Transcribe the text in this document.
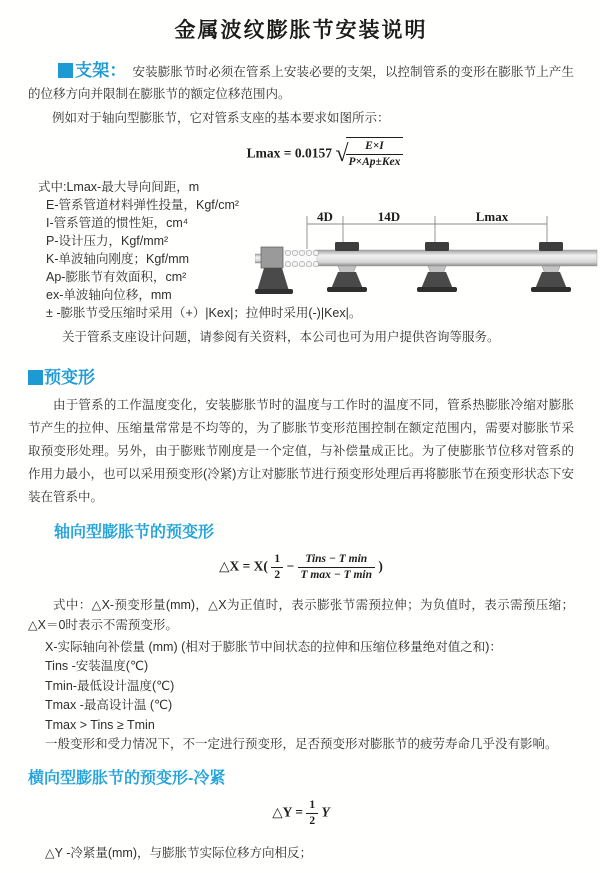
金属波纹膨胀节安装说明

支架： 安装膨胀节时必须在管系上安装必要的支架，以控制管系的变形在膨胀节上产生的位移方向并限制在膨胀节的额定位移范围内。

例如对于轴向型膨胀节，它对管系支座的基本要求如图所示：

Lmax = 0.0157 √
$\frac{E\times I}{\text{P×Ap±Kex}}$
式中:Lmax-最大导向间距，m
E-管系管道材料弹性投量，Kgf/cm²
I-管系管道的惯性矩，cm⁴
P-设计压力，Kgf/mm²
K-单波轴向刚度；Kgf/mm
Ap-膨胀节有效面积，cm²
ex-单波轴向位移，mm
± -膨胀节受压缩时采用（+）|Kex|；拉伸时采用(-)|Kex|。

关于管系支座设计问题，请参阅有关资料，本公司也可为用户提供咨询等服务。

4D	14D	Lmax
预变形

由于管系的工作温度变化，安装膨胀节时的温度与工作时的温度不同，管系热膨胀冷缩对膨胀节产生的拉伸、压缩量常常是不均等的，为了膨胀节变形范围控制在额定范围内，需要对膨胀节采取预变形处理。另外，由于膨账节刚度是一个定值，与补偿量成正比。为了使膨胀节位移对管系的作用力最小，也可以采用预变形(冷紧)方让对膨胀节进行预变形处理后再将膨胀节在预变形状态下安装在管系中。

轴向型膨胀节的预变形
△X = $X( \frac{1}{2} - \frac{\text{Tins − T min}}{\text{T max − T min}}$ )

式中：△X-预变形量(mm)，△X为正值时，表示膨张节需预拉伸；为负值时，表示需预压缩；△X＝0时表示不需预变形。

X-实际轴向补偿量 (mm) (相对于膨胀节中间状态的拉伸和压缩位移量绝对值之和)：
Tins -安装温度(℃)
Tmin-最低设计温度(℃)
Tmax -最高设计温 (℃)
Tmax > Tins ≥ Tmin
一般变形和受力情况下，不一定进行预变形，足否预变形对膨胀节的疲劳寿命几乎没有影响。
横向型膨胀节的预变形-冷紧
△Y = $\frac{1}{2}$ Y

△Y -冷紧量(mm)，与膨胀节实际位移方向相反；
